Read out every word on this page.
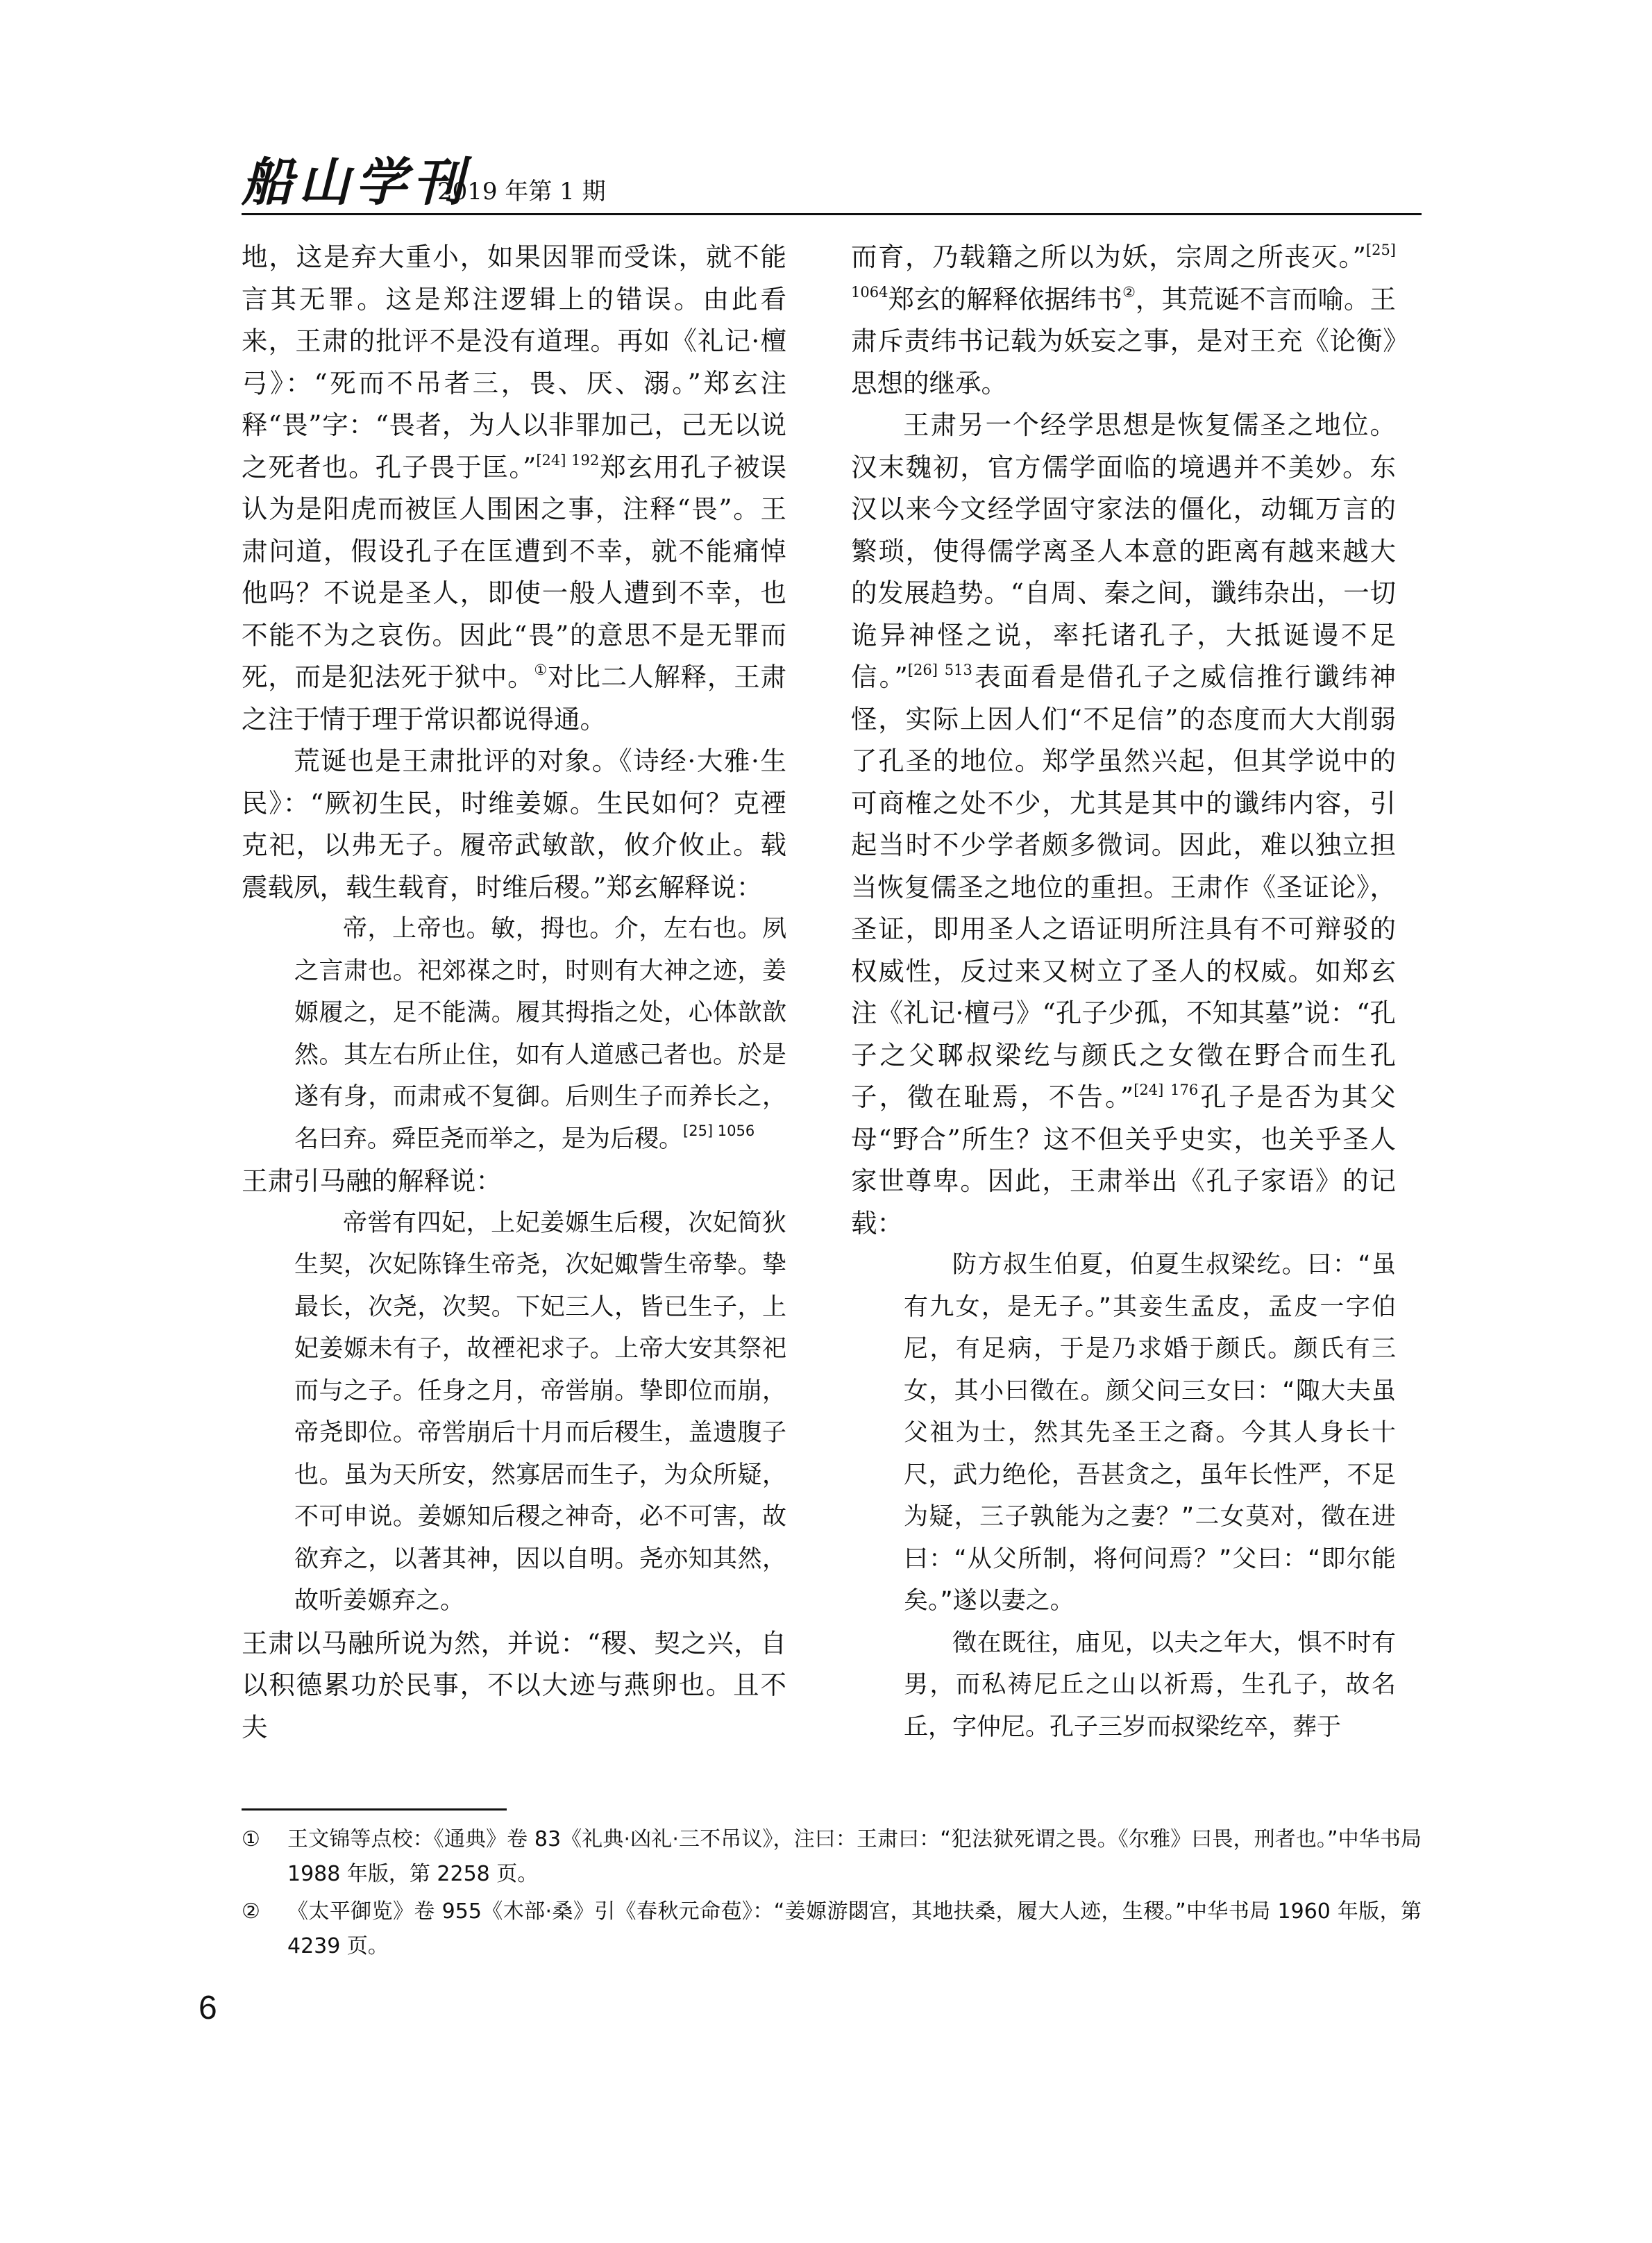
船山学刊
2019 年第 1 期

地，这是弃大重小，如果因罪而受诛，就不能言其无罪。这是郑注逻辑上的错误。由此看来，王肃的批评不是没有道理。再如《礼记·檀弓》：“死而不吊者三，畏、厌、溺。”郑玄注释“畏”字：“畏者，为人以非罪加己，己无以说之死者也。孔子畏于匡。”$^{[24] 192}$郑玄用孔子被误认为是阳虎而被匡人围困之事，注释“畏”。王肃问道，假设孔子在匡遭到不幸，就不能痛悼他吗？不说是圣人，即使一般人遭到不幸，也不能不为之哀伤。因此“畏”的意思不是无罪而死，而是犯法死于狱中。①对比二人解释，王肃之注于情于理于常识都说得通。

荒诞也是王肃批评的对象。《诗经·大雅·生民》：“厥初生民，时维姜嫄。生民如何？克禋克祀，以弗无子。履帝武敏歆，攸介攸止。载震载夙，载生载育，时维后稷。”郑玄解释说：

帝，上帝也。敏，拇也。介，左右也。夙之言肃也。祀郊禖之时，时则有大神之迹，姜嫄履之，足不能满。履其拇指之处，心体歆歆然。其左右所止住，如有人道感己者也。於是遂有身，而肃戒不复御。后则生子而养长之，名曰弃。舜臣尧而举之，是为后稷。$^{[25] 1056}$

王肃引马融的解释说：

帝喾有四妃，上妃姜嫄生后稷，次妃简狄生契，次妃陈锋生帝尧，次妃娵訾生帝挚。挚最长，次尧，次契。下妃三人，皆已生子，上妃姜嫄未有子，故禋祀求子。上帝大安其祭祀而与之子。任身之月，帝喾崩。挚即位而崩，帝尧即位。帝喾崩后十月而后稷生，盖遗腹子也。虽为天所安，然寡居而生子，为众所疑，不可申说。姜嫄知后稷之神奇，必不可害，故欲弃之，以著其神，因以自明。尧亦知其然，故听姜嫄弃之。

王肃以马融所说为然，并说：“稷、契之兴，自以积德累功於民事，不以大迹与燕卵也。且不夫

而育，乃载籍之所以为妖，宗周之所丧灭。”$^{[25] 1064}$郑玄的解释依据纬书②，其荒诞不言而喻。王肃斥责纬书记载为妖妄之事，是对王充《论衡》思想的继承。

王肃另一个经学思想是恢复儒圣之地位。汉末魏初，官方儒学面临的境遇并不美妙。东汉以来今文经学固守家法的僵化，动辄万言的繁琐，使得儒学离圣人本意的距离有越来越大的发展趋势。“自周、秦之间，谶纬杂出，一切诡异神怪之说，率托诸孔子，大抵诞谩不足信。”$^{[26] 513}$表面看是借孔子之威信推行谶纬神怪，实际上因人们“不足信”的态度而大大削弱了孔圣的地位。郑学虽然兴起，但其学说中的可商榷之处不少，尤其是其中的谶纬内容，引起当时不少学者颇多微词。因此，难以独立担当恢复儒圣之地位的重担。王肃作《圣证论》，圣证，即用圣人之语证明所注具有不可辩驳的权威性，反过来又树立了圣人的权威。如郑玄注《礼记·檀弓》“孔子少孤，不知其墓”说：“孔子之父郰叔梁纥与颜氏之女徵在野合而生孔子，徵在耻焉，不告。”$^{[24] 176}$孔子是否为其父母“野合”所生？这不但关乎史实，也关乎圣人家世尊卑。因此，王肃举出《孔子家语》的记载：

防方叔生伯夏，伯夏生叔梁纥。曰：“虽有九女，是无子。”其妾生孟皮，孟皮一字伯尼，有足病，于是乃求婚于颜氏。颜氏有三女，其小曰徵在。颜父问三女曰：“陬大夫虽父祖为士，然其先圣王之裔。今其人身长十尺，武力绝伦，吾甚贪之，虽年长性严，不足为疑，三子孰能为之妻？”二女莫对，徵在进曰：“从父所制，将何问焉？”父曰：“即尔能矣。”遂以妻之。

徵在既往，庙见，以夫之年大，惧不时有男，而私祷尼丘之山以祈焉，生孔子，故名丘，字仲尼。孔子三岁而叔梁纥卒，葬于

① 王文锦等点校：《通典》卷 83《礼典·凶礼·三不吊议》，注曰：王肃曰：“犯法狱死谓之畏。《尔雅》曰畏，刑者也。”中华书局 1988 年版，第 2258 页。

② 《太平御览》卷 955《木部·桑》引《春秋元命苞》：“姜嫄游閟宫，其地扶桑，履大人迹，生稷。”中华书局 1960 年版，第 4239 页。

6
